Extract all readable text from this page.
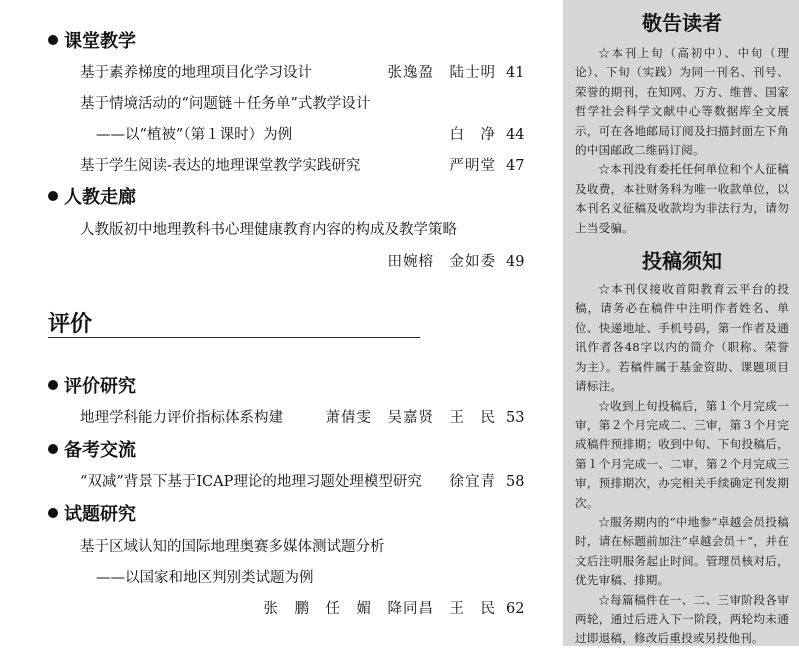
课堂教学
基于素养梯度的地理项目化学习设计	张逸盈　陆士明 41
基于情境活动的“问题链＋任务单”式教学设计
——以“植被”（第１课时）为例	白　净 44
基于学生阅读-表达的地理课堂教学实践研究	严明堂 47
人教走廊
人教版初中地理教科书心理健康教育内容的构成及教学策略
田婉榕　金如委 49
评价
评价研究
地理学科能力评价指标体系构建	萧倩雯　吴嘉贤　王　民 53
备考交流
“双减”背景下基于ICAP理论的地理习题处理模型研究 徐宜青 58
试题研究
基于区域认知的国际地理奥赛多媒体测试题分析
——以国家和地区判别类试题为例
张　鹏　任　媚　降同昌　王　民 62
敬告读者

☆本刊上旬（高初中）、中旬（理论）、下旬（实践）为同一刊名、刊号、荣誉的期刊，在知网、万方、维普、国家哲学社会科学文献中心等数据库全文展示，可在各地邮局订阅及扫描封面左下角的中国邮政二维码订阅。

☆本刊没有委托任何单位和个人征稿及收费，本社财务科为唯一收款单位，以本刊名义征稿及收款均为非法行为，请勿上当受骗。

投稿须知

☆本刊仅接收首阳教育云平台的投稿，请务必在稿件中注明作者姓名、单位、快递地址、手机号码，第一作者及通讯作者各48字以内的简介（职称、荣誉为主）。若稿件属于基金资助、课题项目请标注。

☆收到上旬投稿后，第１个月完成一审，第２个月完成二、三审，第３个月完成稿件预排期；收到中旬、下旬投稿后，第１个月完成一、二审，第２个月完成三审，预排期次，办完相关手续确定刊发期次。

☆服务期内的“中地参”卓越会员投稿时，请在标题前加注“卓越会员＋”，并在文后注明服务起止时间。管理员核对后，优先审稿、排期。

☆每篇稿件在一、二、三审阶段各审两轮，通过后进入下一阶段，两轮均未通过即退稿，修改后重投或另投他刊。
